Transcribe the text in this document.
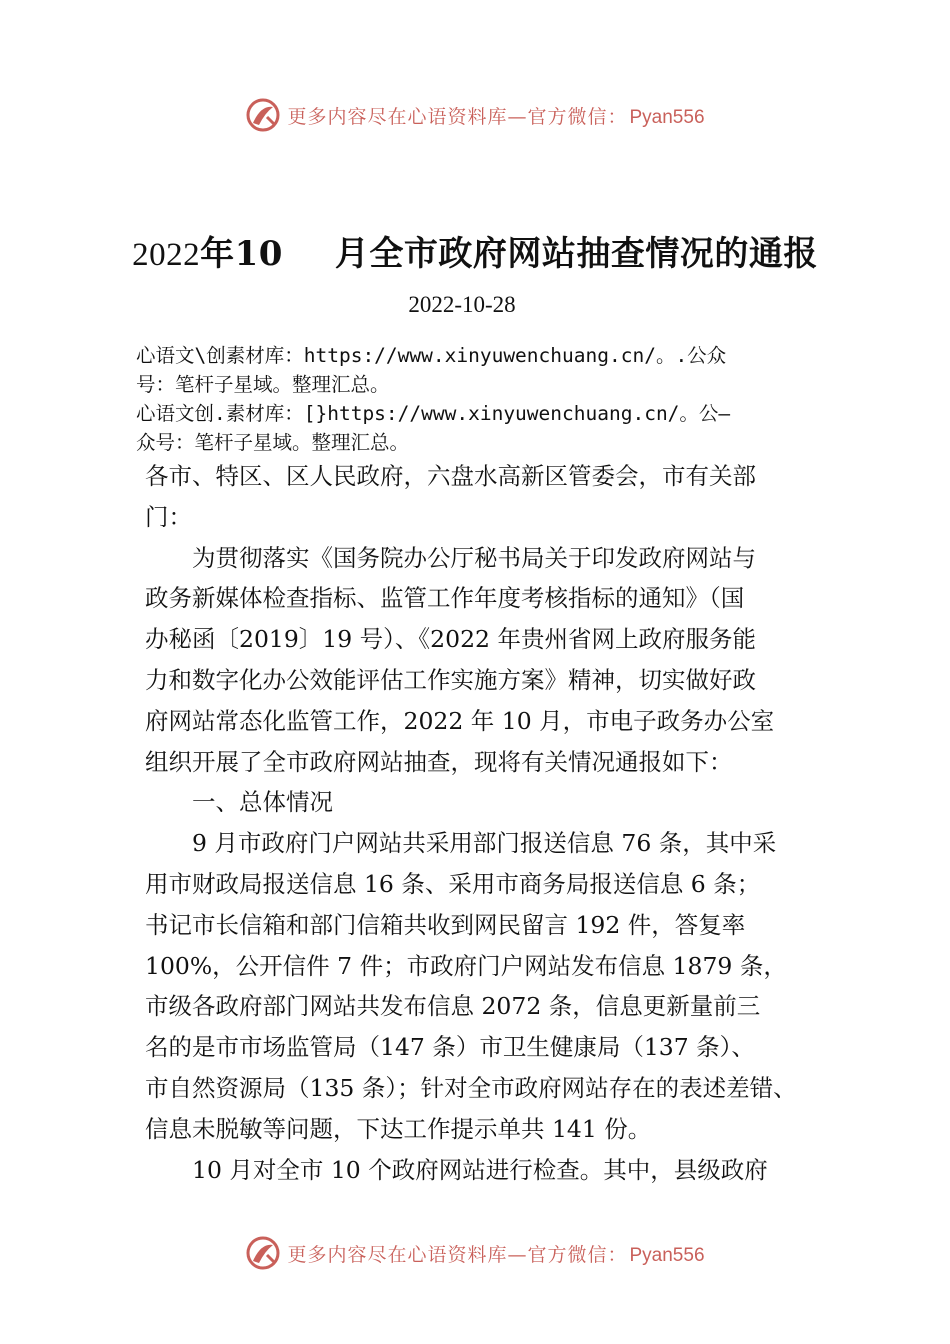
更多内容尽在心语资料库—官方微信： Pyan556
2022年10 月全市政府网站抽查情况的通报
2022-10-28
心语文\创素材库：https://www.xinyuwenchuang.cn/。.公众
号：笔杆子星域。整理汇总。
心语文创.素材库：[}https://www.xinyuwenchuang.cn/。公—
众号：笔杆子星域。整理汇总。
各市、特区、区人民政府，六盘水高新区管委会，市有关部
门：
为贯彻落实《国务院办公厅秘书局关于印发政府网站与
政务新媒体检查指标、监管工作年度考核指标的通知》（国
办秘函〔2019〕19 号）、《2022 年贵州省网上政府服务能
力和数字化办公效能评估工作实施方案》精神，切实做好政
府网站常态化监管工作，2022 年 10 月，市电子政务办公室
组织开展了全市政府网站抽查，现将有关情况通报如下：
一、总体情况
9 月市政府门户网站共采用部门报送信息 76 条，其中采
用市财政局报送信息 16 条、采用市商务局报送信息 6 条；
书记市长信箱和部门信箱共收到网民留言 192 件，答复率
100%，公开信件 7 件；市政府门户网站发布信息 1879 条，
市级各政府部门网站共发布信息 2072 条，信息更新量前三
名的是市市场监管局（147 条）市卫生健康局（137 条）、
市自然资源局（135 条）；针对全市政府网站存在的表述差错、
信息未脱敏等问题，下达工作提示单共 141 份。
10 月对全市 10 个政府网站进行检查。其中，县级政府
更多内容尽在心语资料库—官方微信： Pyan556
